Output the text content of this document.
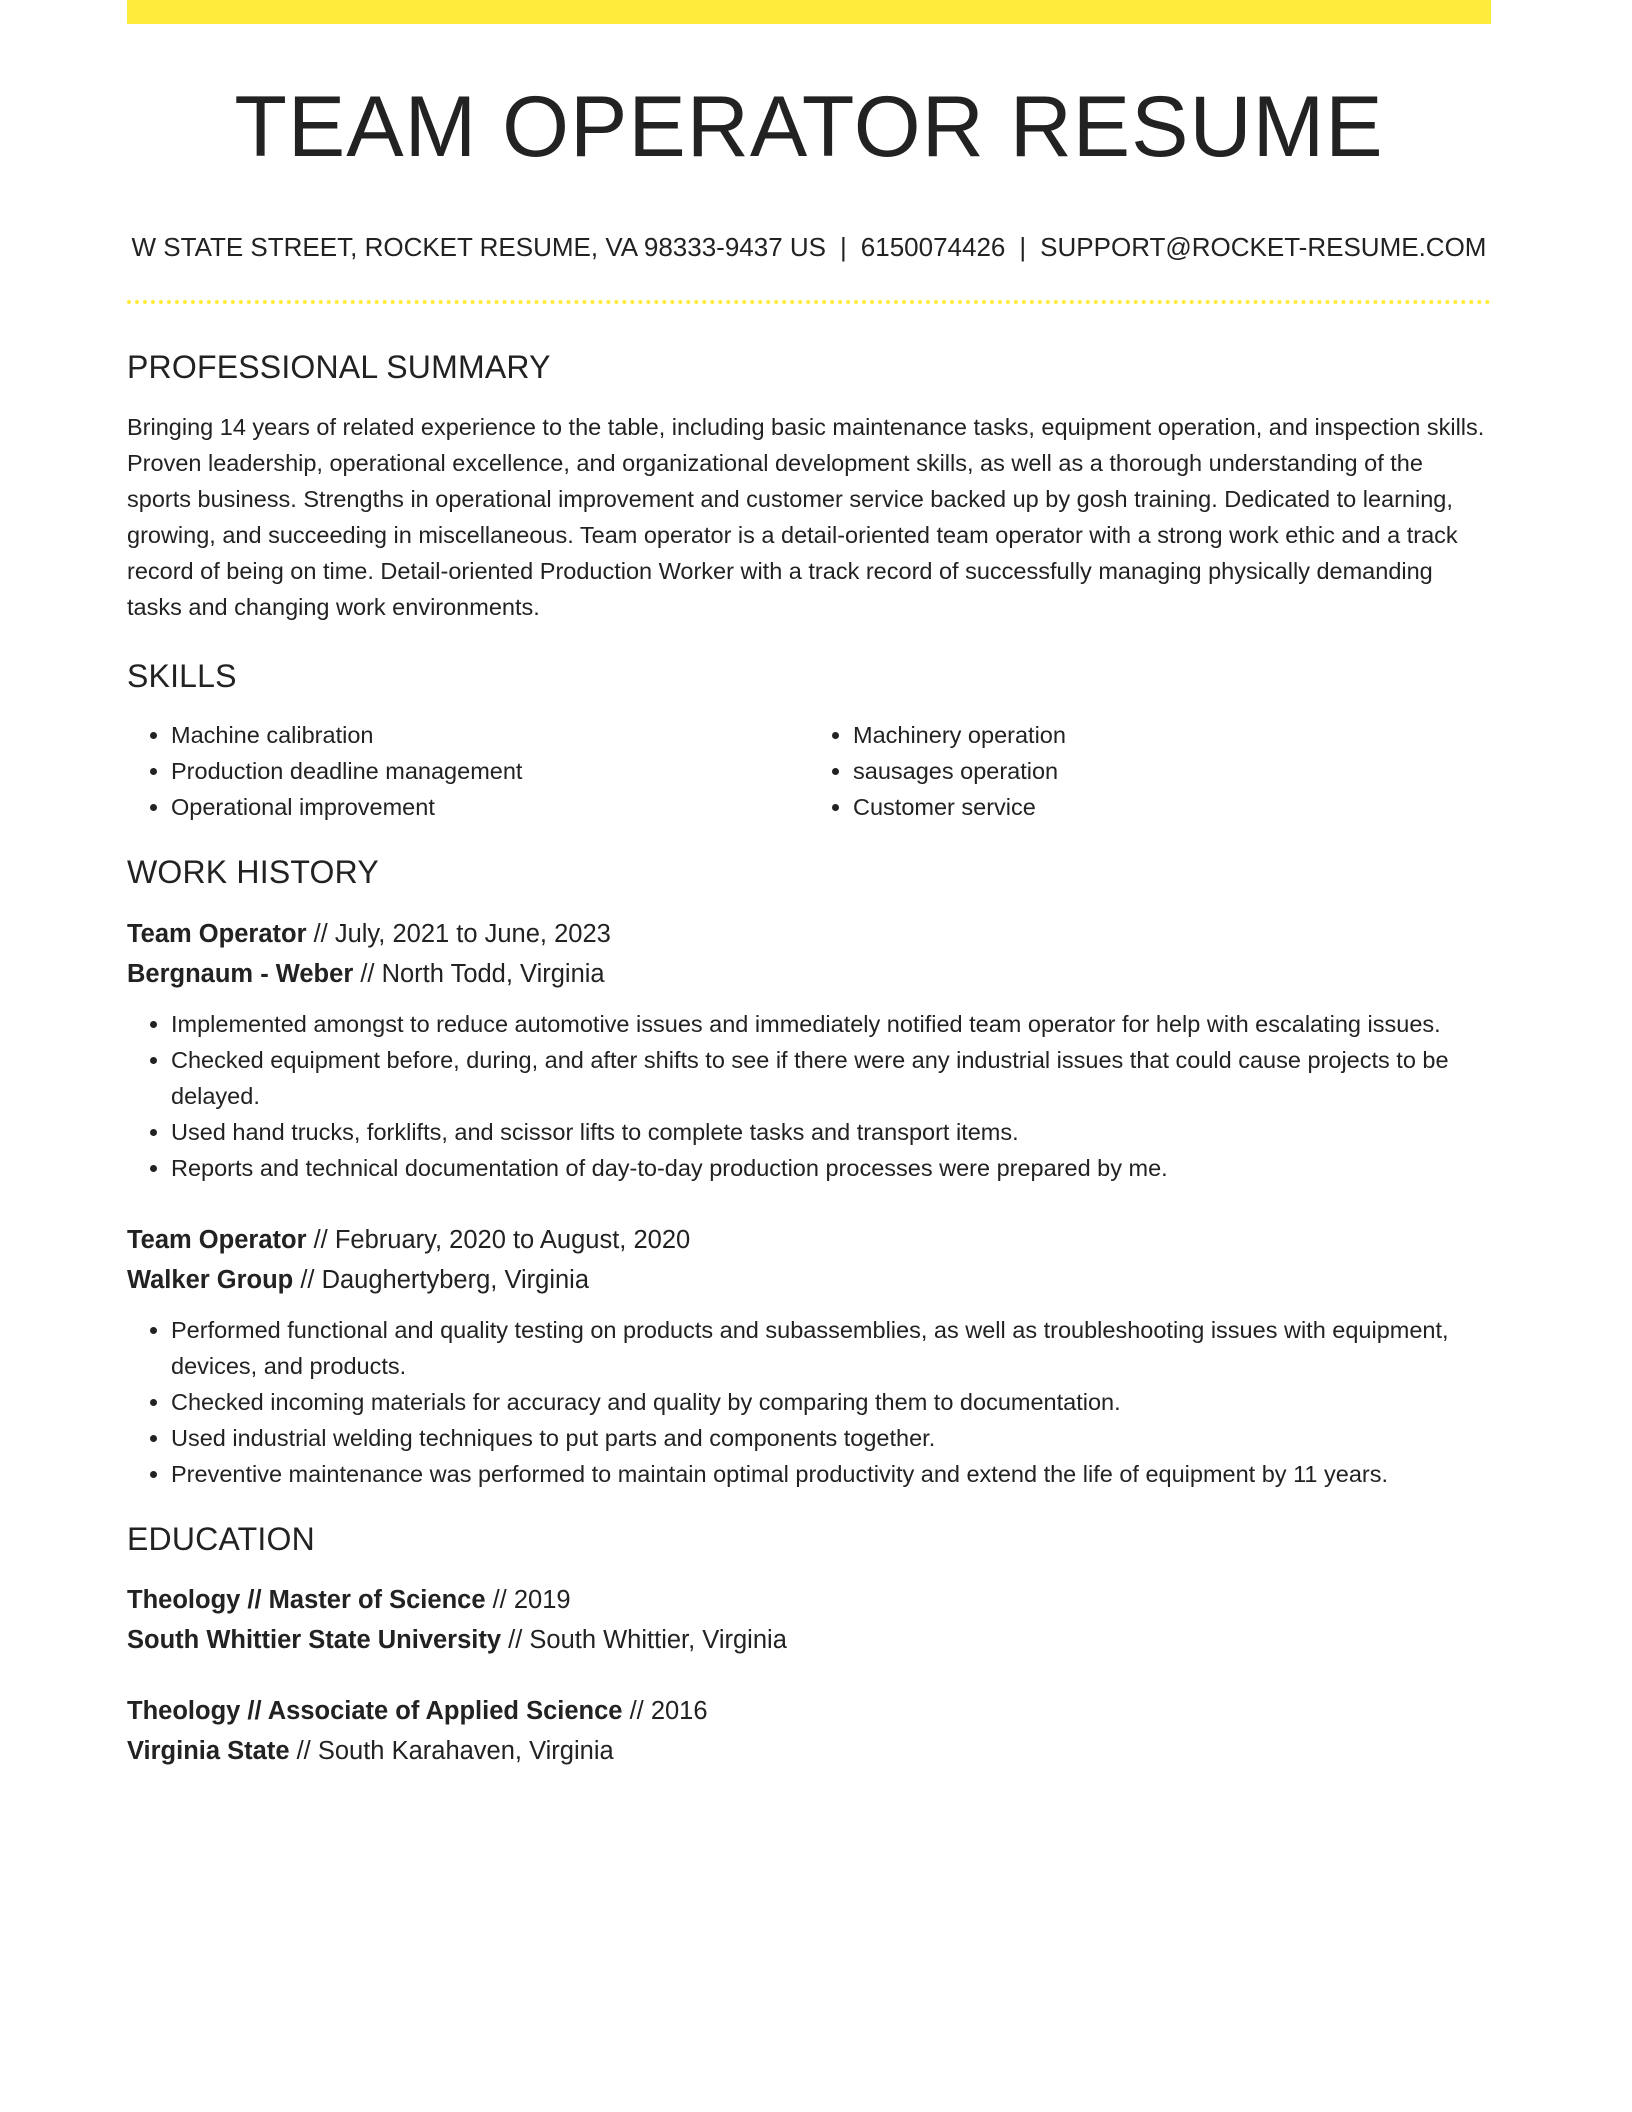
TEAM OPERATOR RESUME
W STATE STREET, ROCKET RESUME, VA 98333-9437 US | 6150074426 | SUPPORT@ROCKET-RESUME.COM
PROFESSIONAL SUMMARY

Bringing 14 years of related experience to the table, including basic maintenance tasks, equipment operation, and inspection skills. Proven leadership, operational excellence, and organizational development skills, as well as a thorough understanding of the sports business. Strengths in operational improvement and customer service backed up by gosh training. Dedicated to learning, growing, and succeeding in miscellaneous. Team operator is a detail-oriented team operator with a strong work ethic and a track record of being on time. Detail-oriented Production Worker with a track record of successfully managing physically demanding tasks and changing work environments.

SKILLS
• Machine calibration
• Production deadline management
• Operational improvement
• Machinery operation
• sausages operation
• Customer service
WORK HISTORY
Team Operator // July, 2021 to June, 2023
Bergnaum - Weber // North Todd, Virginia
• Implemented amongst to reduce automotive issues and immediately notified team operator for help with escalating issues.
• Checked equipment before, during, and after shifts to see if there were any industrial issues that could cause projects to be delayed.
• Used hand trucks, forklifts, and scissor lifts to complete tasks and transport items.
• Reports and technical documentation of day-to-day production processes were prepared by me.
Team Operator // February, 2020 to August, 2020
Walker Group // Daughertyberg, Virginia
• Performed functional and quality testing on products and subassemblies, as well as troubleshooting issues with equipment, devices, and products.
• Checked incoming materials for accuracy and quality by comparing them to documentation.
• Used industrial welding techniques to put parts and components together.
• Preventive maintenance was performed to maintain optimal productivity and extend the life of equipment by 11 years.
EDUCATION
Theology // Master of Science // 2019
South Whittier State University // South Whittier, Virginia
Theology // Associate of Applied Science // 2016
Virginia State // South Karahaven, Virginia
